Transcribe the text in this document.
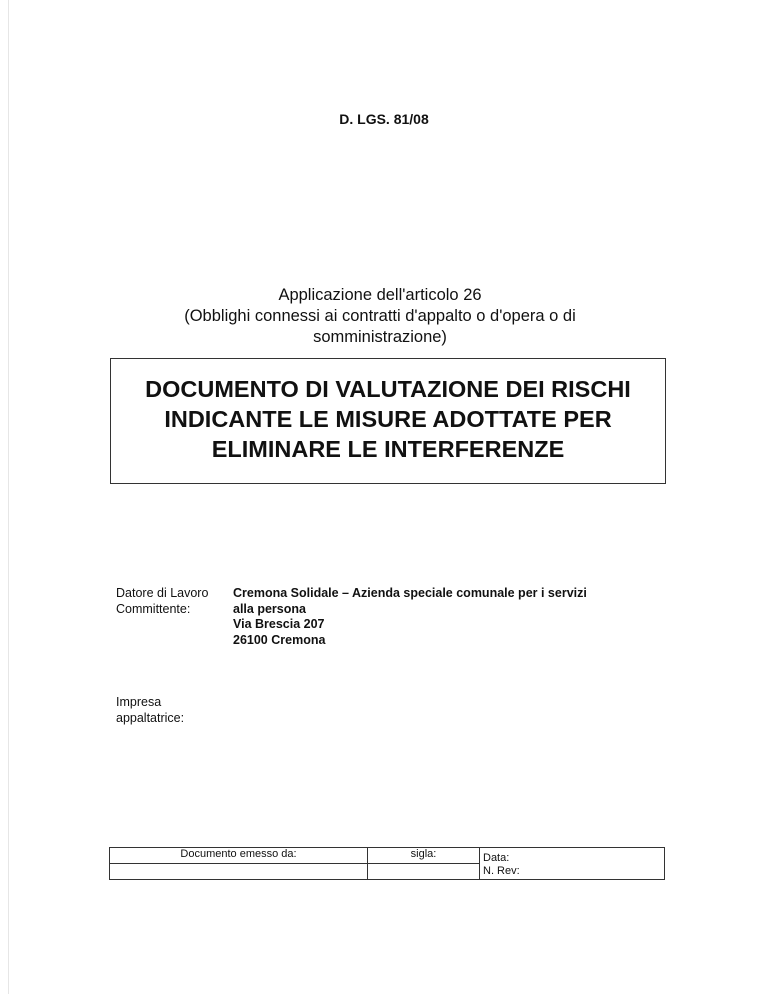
D. LGS. 81/08
Applicazione dell'articolo 26
(Obblighi connessi ai contratti d'appalto o d'opera o di
somministrazione)
DOCUMENTO DI VALUTAZIONE DEI RISCHI
INDICANTE LE MISURE ADOTTATE PER
ELIMINARE LE INTERFERENZE
Datore di Lavoro
Committente:
Cremona Solidale – Azienda speciale comunale per i servizi
alla persona
Via Brescia 207
26100 Cremona
Impresa
appaltatrice:
Documento emesso da:	sigla:	Data:
N. Rev:
